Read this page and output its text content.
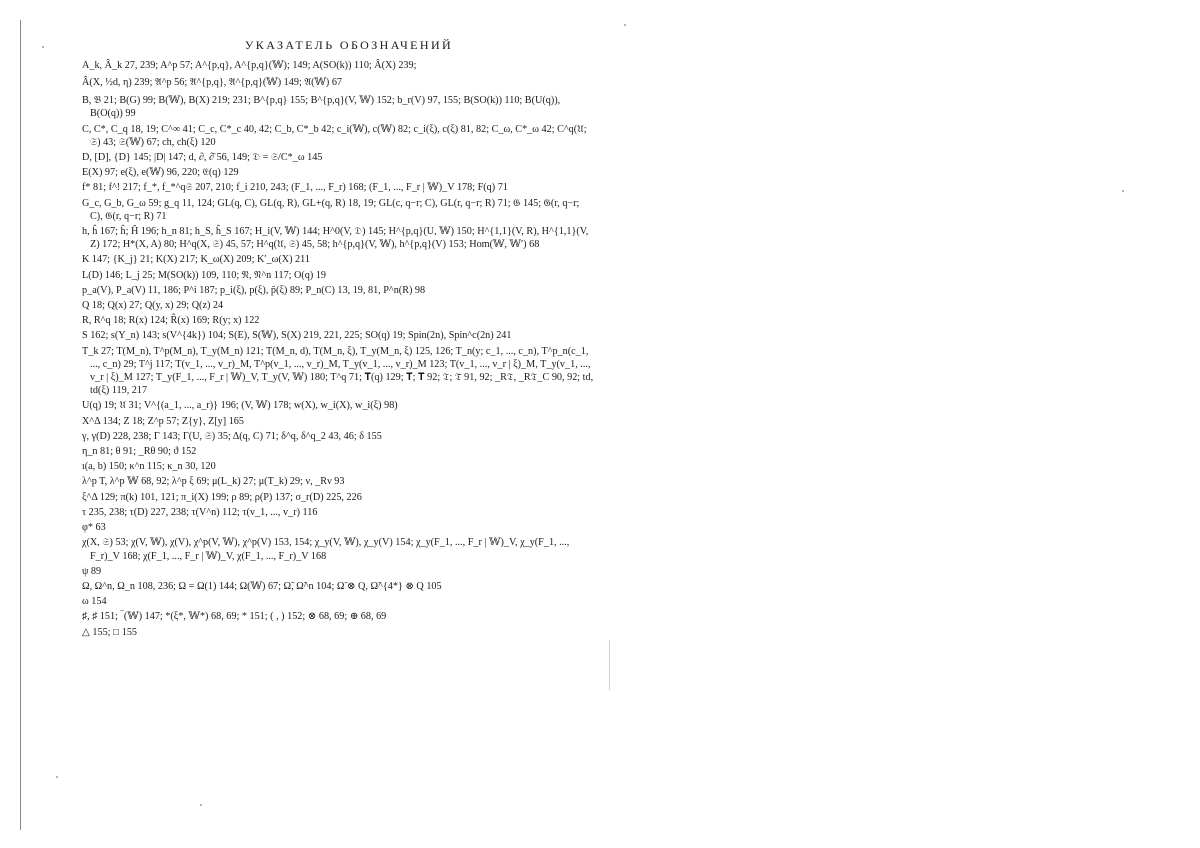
УКАЗАТЕЛЬ ОБОЗНАЧЕНИЙ
A_k, Â_k 27, 239; A^p 57; A^{p,q}, A^{p,q}(𝕎); 149; A(SO(k)) 110; Â(X) 239;
Â(X, ½d, η) 239; 𝔄^p 56; 𝔄^{p,q}, 𝔄^{p,q}(𝕎) 149; 𝔄(𝕎) 67
B, 𝔅 21; B(G) 99; B(𝕎), B(X) 219; 231; B^{p,q} 155; B^{p,q}(V, 𝕎) 152; b_r(V) 97, 155; B(SO(k)) 110; B(U(q)), B(O(q)) 99
C, C*, C_q 18, 19; C^∞ 41; C_c, C*_c 40, 42; C_b, C*_b 42; c_i(𝕎), c(𝕎) 82; c_i(ξ), c(ξ) 81, 82; C_ω, C*_ω 42; C^q(𝔘; 𝔖) 43; 𝔖(𝕎) 67; ch, ch(ξ) 120
D, [D], {D} 145; |D| 147; d, ∂, ∂̄ 56, 149; 𝔇 = 𝔖/C*_ω 145
E(X) 97; e(ξ), e(𝕎) 96, 220; 𝔈(q) 129
f* 81; f^! 217; f_*, f_*^q𝔖 207, 210; f_i 210, 243; (F_1, ..., F_r) 168; (F_1, ..., F_r | 𝕎)_V 178; F(q) 71
G_c, G_b, G_ω 59; g_q 11, 124; GL(q, C), GL(q, R), GL+(q, R) 18, 19; GL(c, q−r; C), GL(r, q−r; R) 71; 𝔊 145; 𝔊(r, q−r; C), 𝔊(r, q−r; R) 71
h, ĥ 167; ĥ; Ĥ 196; h_n 81; h_S, ĥ_S 167; H_i(V, 𝕎) 144; H^0(V, 𝔇) 145; H^{p,q}(U, 𝕎) 150; H^{1,1}(V, R), H^{1,1}(V, Z) 172; H*(X, A) 80; H^q(X, 𝔖) 45, 57; H^q(𝔘, 𝔖) 45, 58; h^{p,q}(V, 𝕎), h^{p,q}(V) 153; Hom(𝕎, 𝕎′) 68
K 147; {K_j} 21; K(X) 217; K_ω(X) 209; K′_ω(X) 211
L(D) 146; L_j 25; M(SO(k)) 109, 110; 𝔑, 𝔑^n 117; O(q) 19
p_a(V), P_a(V) 11, 186; P^i 187; p_i(ξ), p(ξ), p̃(ξ) 89; P_n(C) 13, 19, 81, P^n(R) 98
Q 18; Q(x) 27; Q(y, x) 29; Q(z) 24
R, R^q 18; R(x) 124; R̂(x) 169; R(y; x) 122
S 162; s(Y_n) 143; s(V^{4k}) 104; S(E), S(𝕎), S(X) 219, 221, 225; SO(q) 19; Spin(2n), Spin^c(2n) 241
T_k 27; T(M_n), T^p(M_n), T_y(M_n) 121; T(M_n, d), T(M_n, ξ), T_y(M_n, ξ) 125, 126; T_n(y; c_1, ..., c_n), T^p_n(c_1, ..., c_n) 29; T^j 117; T(v_1, ..., v_r)_M, T^p(v_1, ..., v_r)_M, T_y(v_1, ..., v_r)_M 123; T(v_1, ..., v_r | ξ)_M, T_y(v_1, ..., v_r | ξ)_M 127; T_y(F_1, ..., F_r | 𝕎)_V, T_y(V, 𝕎) 180; T^q 71; 𝐓(q) 129; 𝐓; 𝐓̄ 92; 𝔗; 𝔗̄ 91, 92; _R𝔗, _R𝔗_C 90, 92; td, td(ξ) 119, 217
U(q) 19; 𝔘 31; V^{(a_1, ..., a_r)} 196; (V, 𝕎) 178; w(X), w_i(X), w_i(ξ) 98)
X^Δ 134; Z 18; Z^p 57; Z{y}, Z[y] 165
γ, γ(D) 228, 238; Γ 143; Γ(U, 𝔖) 35; Δ(q, C) 71; δ^q, δ^q_2 43, 46; δ 155
η_n 81; θ 91; _Rθ 90; ϑ 152
ι(a, b) 150; κ^n 115; κ_n 30, 120
λ^p T, λ^p 𝕎 68, 92; λ^p ξ 69; μ(L_k) 27; μ(T_k) 29; ν, _Rν 93
ξ^Δ 129; π(k) 101, 121; π_i(X) 199; ρ 89; ρ(P) 137; σ_r(D) 225, 226
τ 235, 238; τ(D) 227, 238; τ(V^n) 112; τ(v_1, ..., v_r) 116
φ* 63
χ(X, 𝔖) 53; χ(V, 𝕎), χ(V), χ^p(V, 𝕎), χ^p(V) 153, 154; χ_y(V, 𝕎), χ_y(V) 154; χ_y(F_1, ..., F_r | 𝕎)_V, χ_y(F_1, ..., F_r)_V 168; χ(F_1, ..., F_r | 𝕎)_V, χ(F_1, ..., F_r)_V 168
ψ 89
Ω, Ω^n, Ω_n 108, 236; Ω = Ω(1) 144; Ω(𝕎) 67; Ω̃, Ω̃^n 104; Ω̃ ⊗ Q, Ω̃^{4*} ⊗ Q 105
ω 154
♯, ♯ 151; ‾(𝕎) 147; *(ξ*, 𝕎*) 68, 69; * 151; ( , ) 152; ⊗ 68, 69; ⊕ 68, 69
△ 155; □ 155
